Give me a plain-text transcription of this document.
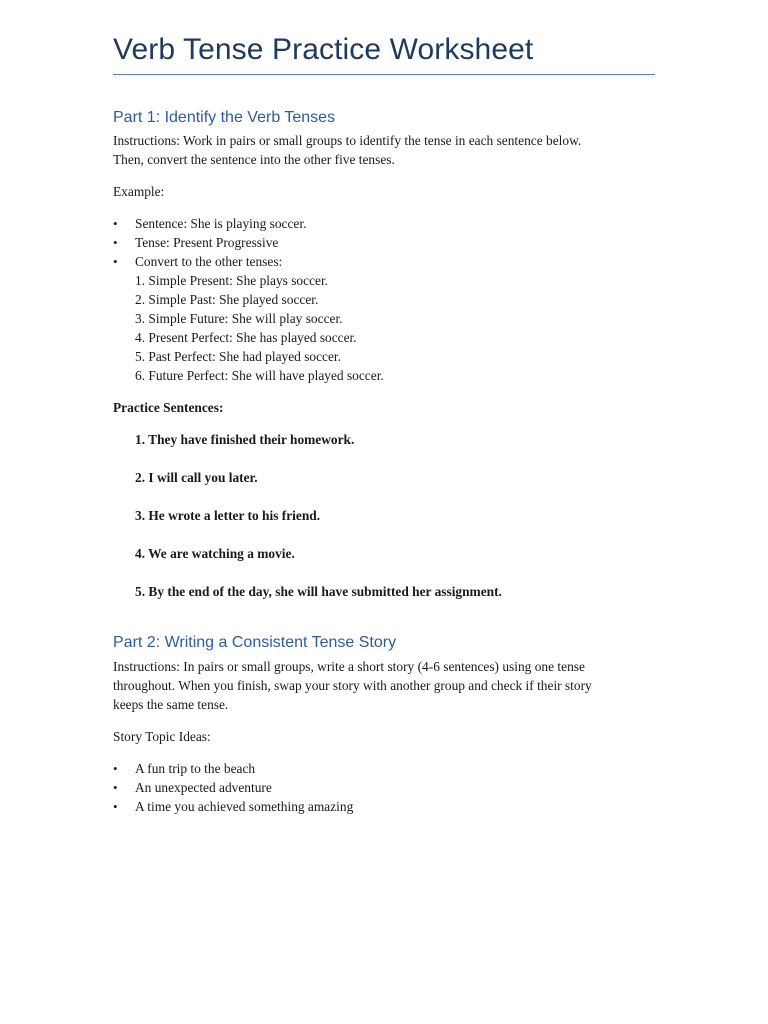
Verb Tense Practice Worksheet
Part 1: Identify the Verb Tenses

Instructions: Work in pairs or small groups to identify the tense in each sentence below.

Then, convert the sentence into the other five tenses.

Example:

• Sentence: She is playing soccer.
• Tense: Present Progressive
• Convert to the other tenses:
1. Simple Present: She plays soccer.
2. Simple Past: She played soccer.
3. Simple Future: She will play soccer.
4. Present Perfect: She has played soccer.
5. Past Perfect: She had played soccer.
6. Future Perfect: She will have played soccer.

Practice Sentences:

1. They have finished their homework.
2. I will call you later.
3. He wrote a letter to his friend.
4. We are watching a movie.
5. By the end of the day, she will have submitted her assignment.
Part 2: Writing a Consistent Tense Story

Instructions: In pairs or small groups, write a short story (4-6 sentences) using one tense

throughout. When you finish, swap your story with another group and check if their story

keeps the same tense.

Story Topic Ideas:

• A fun trip to the beach
• An unexpected adventure
• A time you achieved something amazing
